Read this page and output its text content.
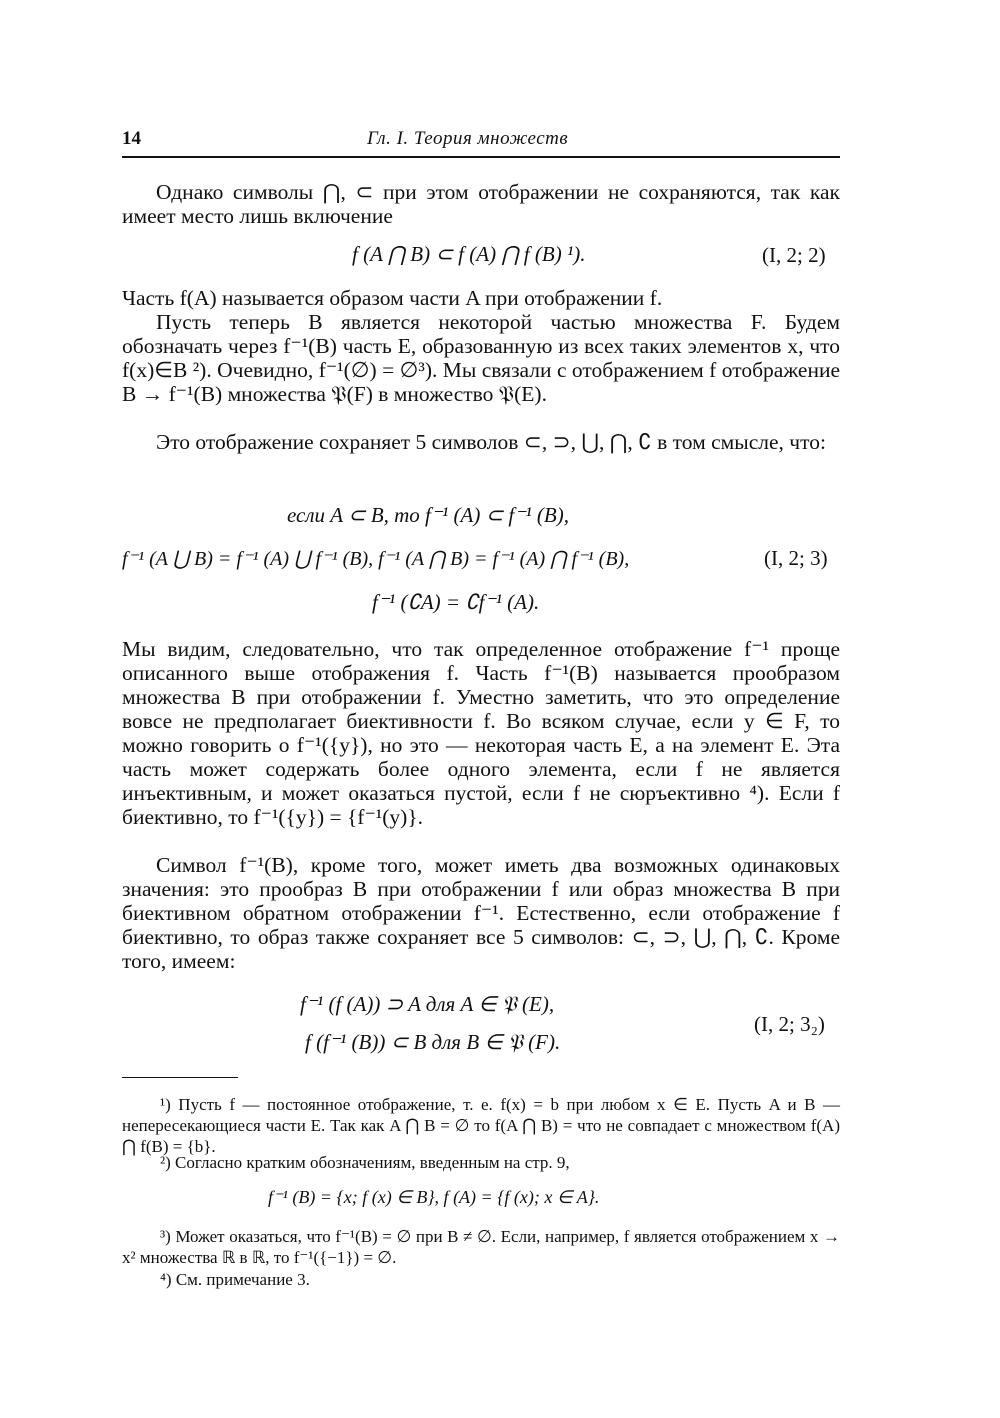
14	Гл. I. Теория множеств

Однако символы ⋂, ⊂ при этом отображении не сохраняются, так как имеет место лишь включение

f (A ⋂ B) ⊂ f (A) ⋂ f (B) ¹).	(I, 2; 2)

Часть f(A) называется образом части A при отображении f.

Пусть теперь B является некоторой частью множества F. Будем обозначать через f⁻¹(B) часть E, образованную из всех таких элементов x, что f(x)∈B ²). Очевидно, f⁻¹(∅) = ∅³). Мы связали с отображением f отображение B → f⁻¹(B) множества 𝔓(F) в множество 𝔓(E).

Это отображение сохраняет 5 символов ⊂, ⊃, ⋃, ⋂, ∁ в том смысле, что:

если A ⊂ B, то f⁻¹ (A) ⊂ f⁻¹ (B),

f⁻¹ (A ⋃ B) = f⁻¹ (A) ⋃ f⁻¹ (B), f⁻¹ (A ⋂ B) = f⁻¹ (A) ⋂ f⁻¹ (B),	(I, 2; 3)

f⁻¹ (∁A) = ∁f⁻¹ (A).

Мы видим, следовательно, что так определенное отображение f⁻¹ проще описанного выше отображения f. Часть f⁻¹(B) называется прообразом множества B при отображении f. Уместно заметить, что это определение вовсе не предполагает биективности f. Во всяком случае, если y ∈ F, то можно говорить о f⁻¹({y}), но это — некоторая часть E, а на элемент E. Эта часть может содержать более одного элемента, если f не является инъективным, и может оказаться пустой, если f не сюръективно ⁴). Если f биективно, то f⁻¹({y}) = {f⁻¹(y)}.

Символ f⁻¹(B), кроме того, может иметь два возможных одинаковых значения: это прообраз B при отображении f или образ множества B при биективном обратном отображении f⁻¹. Естественно, если отображение f биективно, то образ также сохраняет все 5 символов: ⊂, ⊃, ⋃, ⋂, ∁. Кроме того, имеем:

f⁻¹ (f (A)) ⊃ A для A ∈ 𝔓 (E),

f (f⁻¹ (B)) ⊂ B для B ∈ 𝔓 (F).

(I, 2; 3₂)

¹) Пусть f — постоянное отображение, т. е. f(x) = b при любом x ∈ E. Пусть A и B — непересекающиеся части E. Так как A ⋂ B = ∅ то f(A ⋂ B) = что не совпадает с множеством f(A) ⋂ f(B) = {b}.

²) Согласно кратким обозначениям, введенным на стр. 9,

f⁻¹ (B) = {x; f (x) ∈ B}, f (A) = {f (x); x ∈ A}.

³) Может оказаться, что f⁻¹(B) = ∅ при B ≠ ∅. Если, например, f является отображением x → x² множества ℝ в ℝ, то f⁻¹({−1}) = ∅.

⁴) См. примечание 3.
